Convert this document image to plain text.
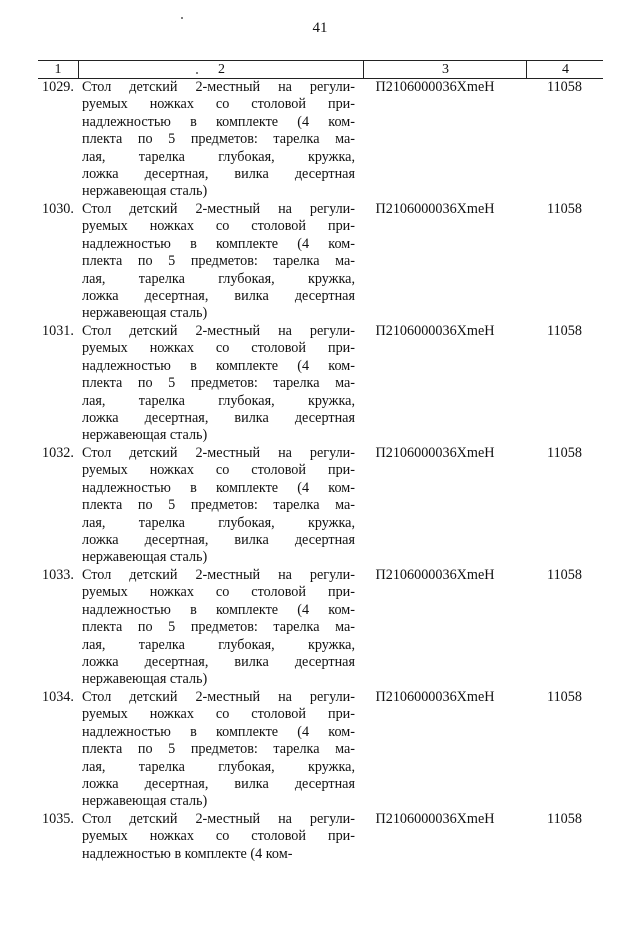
41
1	2	3	4
1029. Стол детский 2-местный на регули-
руемых ножках со столовой при-
надлежностью в комплекте (4 ком-
плекта по 5 предметов: тарелка ма-
лая, тарелка глубокая, кружка,
ложка десертная, вилка десертная
нержавеющая сталь)
П2106000036ХmeH	11058
1030. Стол детский 2-местный на регули-
руемых ножках со столовой при-
надлежностью в комплекте (4 ком-
плекта по 5 предметов: тарелка ма-
лая, тарелка глубокая, кружка,
ложка десертная, вилка десертная
нержавеющая сталь)
П2106000036ХmeH	11058
1031. Стол детский 2-местный на регули-
руемых ножках со столовой при-
надлежностью в комплекте (4 ком-
плекта по 5 предметов: тарелка ма-
лая, тарелка глубокая, кружка,
ложка десертная, вилка десертная
нержавеющая сталь)
П2106000036ХmeH	11058
1032. Стол детский 2-местный на регули-
руемых ножках со столовой при-
надлежностью в комплекте (4 ком-
плекта по 5 предметов: тарелка ма-
лая, тарелка глубокая, кружка,
ложка десертная, вилка десертная
нержавеющая сталь)
П2106000036ХmeH	11058
1033. Стол детский 2-местный на регули-
руемых ножках со столовой при-
надлежностью в комплекте (4 ком-
плекта по 5 предметов: тарелка ма-
лая, тарелка глубокая, кружка,
ложка десертная, вилка десертная
нержавеющая сталь)
П2106000036ХmeH	11058
1034. Стол детский 2-местный на регули-
руемых ножках со столовой при-
надлежностью в комплекте (4 ком-
плекта по 5 предметов: тарелка ма-
лая, тарелка глубокая, кружка,
ложка десертная, вилка десертная
нержавеющая сталь)
П2106000036ХmeH	11058
1035. Стол детский 2-местный на регули-
руемых ножках со столовой при-
надлежностью в комплекте (4 ком-
П2106000036ХmeH	11058
